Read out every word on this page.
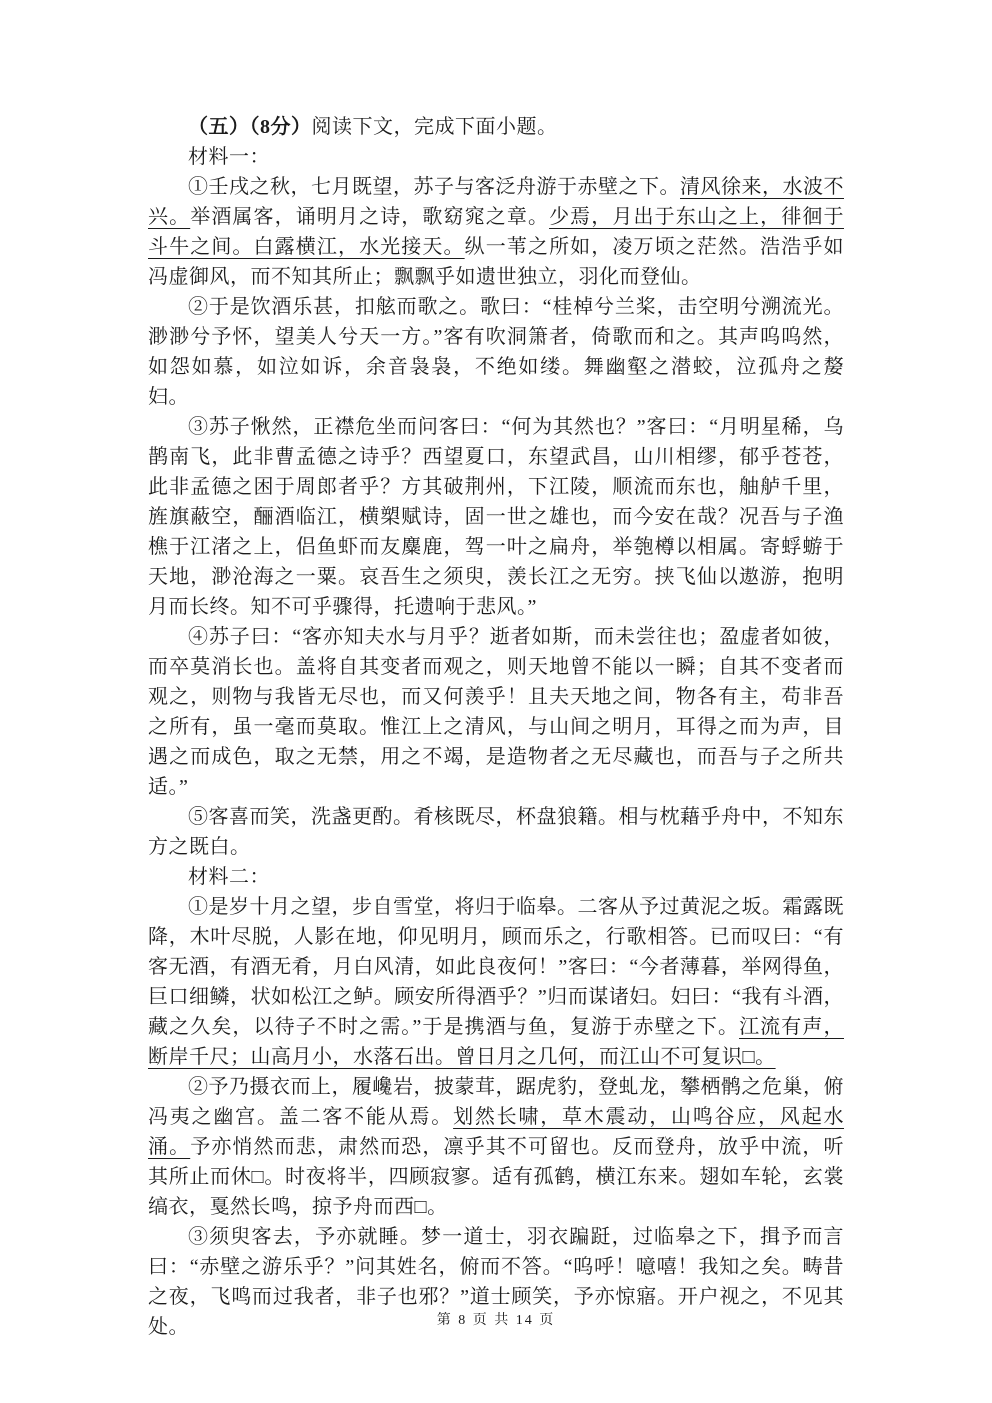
（五）（8分）阅读下文，完成下面小题。

材料一：

①壬戌之秋，七月既望，苏子与客泛舟游于赤壁之下。清风徐来，水波不兴。举酒属客，诵明月之诗，歌窈窕之章。少焉，月出于东山之上，徘徊于斗牛之间。白露横江，水光接天。纵一苇之所如，凌万顷之茫然。浩浩乎如冯虚御风，而不知其所止；飘飘乎如遗世独立，羽化而登仙。

②于是饮酒乐甚，扣舷而歌之。歌曰：“桂棹兮兰桨，击空明兮溯流光。渺渺兮予怀，望美人兮天一方。”客有吹洞箫者，倚歌而和之。其声呜呜然，如怨如慕，如泣如诉，余音袅袅，不绝如缕。舞幽壑之潜蛟，泣孤舟之嫠妇。

③苏子愀然，正襟危坐而问客曰：“何为其然也？”客曰：“月明星稀，乌鹊南飞，此非曹孟德之诗乎？西望夏口，东望武昌，山川相缪，郁乎苍苍，此非孟德之困于周郎者乎？方其破荆州，下江陵，顺流而东也，舳舻千里，旌旗蔽空，酾酒临江，横槊赋诗，固一世之雄也，而今安在哉？况吾与子渔樵于江渚之上，侣鱼虾而友麋鹿，驾一叶之扁舟，举匏樽以相属。寄蜉蝣于天地，渺沧海之一粟。哀吾生之须臾，羡长江之无穷。挟飞仙以遨游，抱明月而长终。知不可乎骤得，托遗响于悲风。”

④苏子曰：“客亦知夫水与月乎？逝者如斯，而未尝往也；盈虚者如彼，而卒莫消长也。盖将自其变者而观之，则天地曾不能以一瞬；自其不变者而观之，则物与我皆无尽也，而又何羡乎！且夫天地之间，物各有主，苟非吾之所有，虽一毫而莫取。惟江上之清风，与山间之明月，耳得之而为声，目遇之而成色，取之无禁，用之不竭，是造物者之无尽藏也，而吾与子之所共适。”

⑤客喜而笑，洗盏更酌。肴核既尽，杯盘狼籍。相与枕藉乎舟中，不知东方之既白。

材料二：

①是岁十月之望，步自雪堂，将归于临皋。二客从予过黄泥之坂。霜露既降，木叶尽脱，人影在地，仰见明月，顾而乐之，行歌相答。已而叹曰：“有客无酒，有酒无肴，月白风清，如此良夜何！”客曰：“今者薄暮，举网得鱼，巨口细鳞，状如松江之鲈。顾安所得酒乎？”归而谋诸妇。妇曰：“我有斗酒，藏之久矣，以待子不时之需。”于是携酒与鱼，复游于赤壁之下。江流有声，断岸千尺；山高月小，水落石出。曾日月之几何，而江山不可复识□。

②予乃摄衣而上，履巉岩，披蒙茸，踞虎豹，登虬龙，攀栖鹘之危巢，俯冯夷之幽宫。盖二客不能从焉。划然长啸，草木震动，山鸣谷应，风起水涌。予亦悄然而悲，肃然而恐，凛乎其不可留也。反而登舟，放乎中流，听其所止而休□。时夜将半，四顾寂寥。适有孤鹤，横江东来。翅如车轮，玄裳缟衣，戛然长鸣，掠予舟而西□。

③须臾客去，予亦就睡。梦一道士，羽衣蹁跹，过临皋之下，揖予而言曰：“赤壁之游乐乎？”问其姓名，俯而不答。“呜呼！噫嘻！我知之矣。畴昔之夜，飞鸣而过我者，非子也邪？”道士顾笑，予亦惊寤。开户视之，不见其处。	第 8 页 共 14 页
